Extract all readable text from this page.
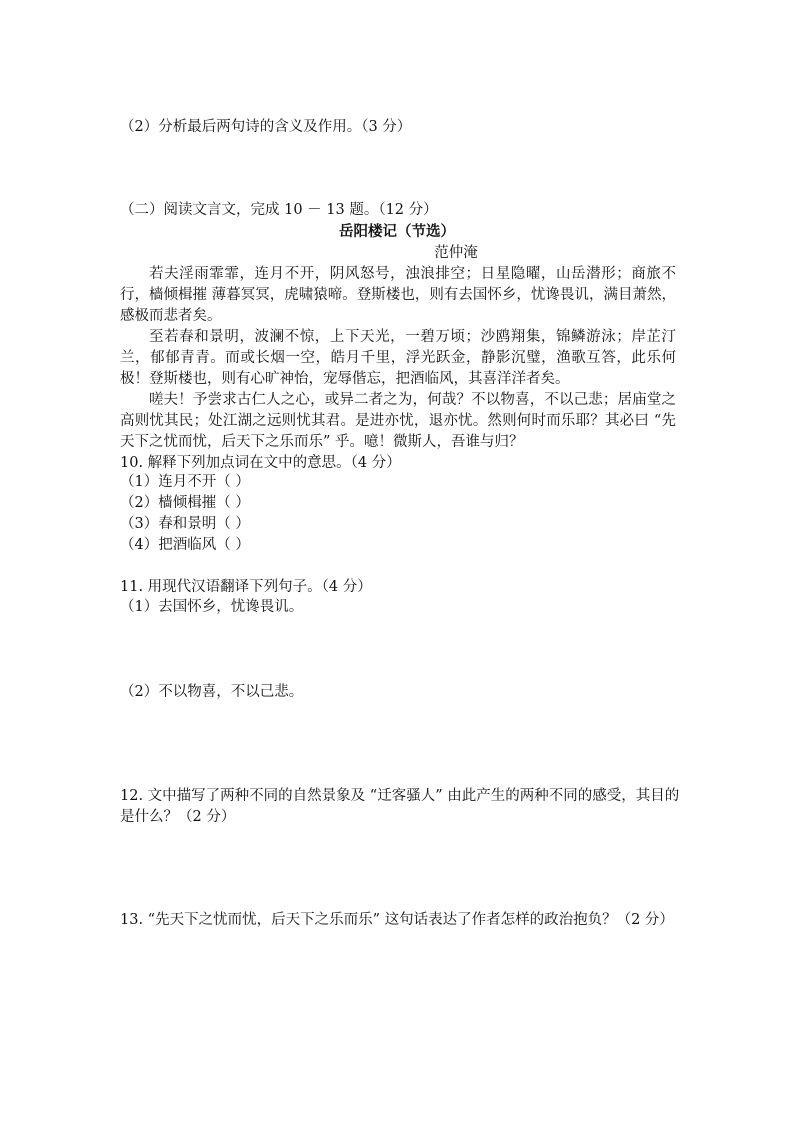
（2）分析最后两句诗的含义及作用。（3 分）
（二）阅读文言文，完成 10 － 13 题。（12 分）
岳阳楼记（节选）
范仲淹
若夫淫雨霏霏，连月不开，阴风怒号，浊浪排空；日星隐曜，山岳潜形；商旅不行，樯倾楫摧 薄暮冥冥，虎啸猿啼。登斯楼也，则有去国怀乡，忧谗畏讥，满目萧然，感极而悲者矣。
至若春和景明，波澜不惊，上下天光，一碧万顷；沙鸥翔集，锦鳞游泳；岸芷汀兰，郁郁青青。而或长烟一空，皓月千里，浮光跃金，静影沉璧，渔歌互答，此乐何极！登斯楼也，则有心旷神怡，宠辱偕忘，把酒临风，其喜洋洋者矣。
嗟夫！予尝求古仁人之心，或异二者之为，何哉？不以物喜，不以己悲；居庙堂之高则忧其民；处江湖之远则忧其君。是进亦忧，退亦忧。然则何时而乐耶？其必曰 “先天下之忧而忧，后天下之乐而乐” 乎。噫！微斯人，吾谁与归？
10. 解释下列加点词在文中的意思。（4 分）
（1）连月不开（ ）
（2）樯倾楫摧（ ）
（3）春和景明（ ）
（4）把酒临风（ ）
11. 用现代汉语翻译下列句子。（4 分）
（1）去国怀乡，忧谗畏讥。
（2）不以物喜，不以己悲。
12. 文中描写了两种不同的自然景象及 “迁客骚人” 由此产生的两种不同的感受，其目的是什么？（2 分）
13. “先天下之忧而忧，后天下之乐而乐” 这句话表达了作者怎样的政治抱负？（2 分）
